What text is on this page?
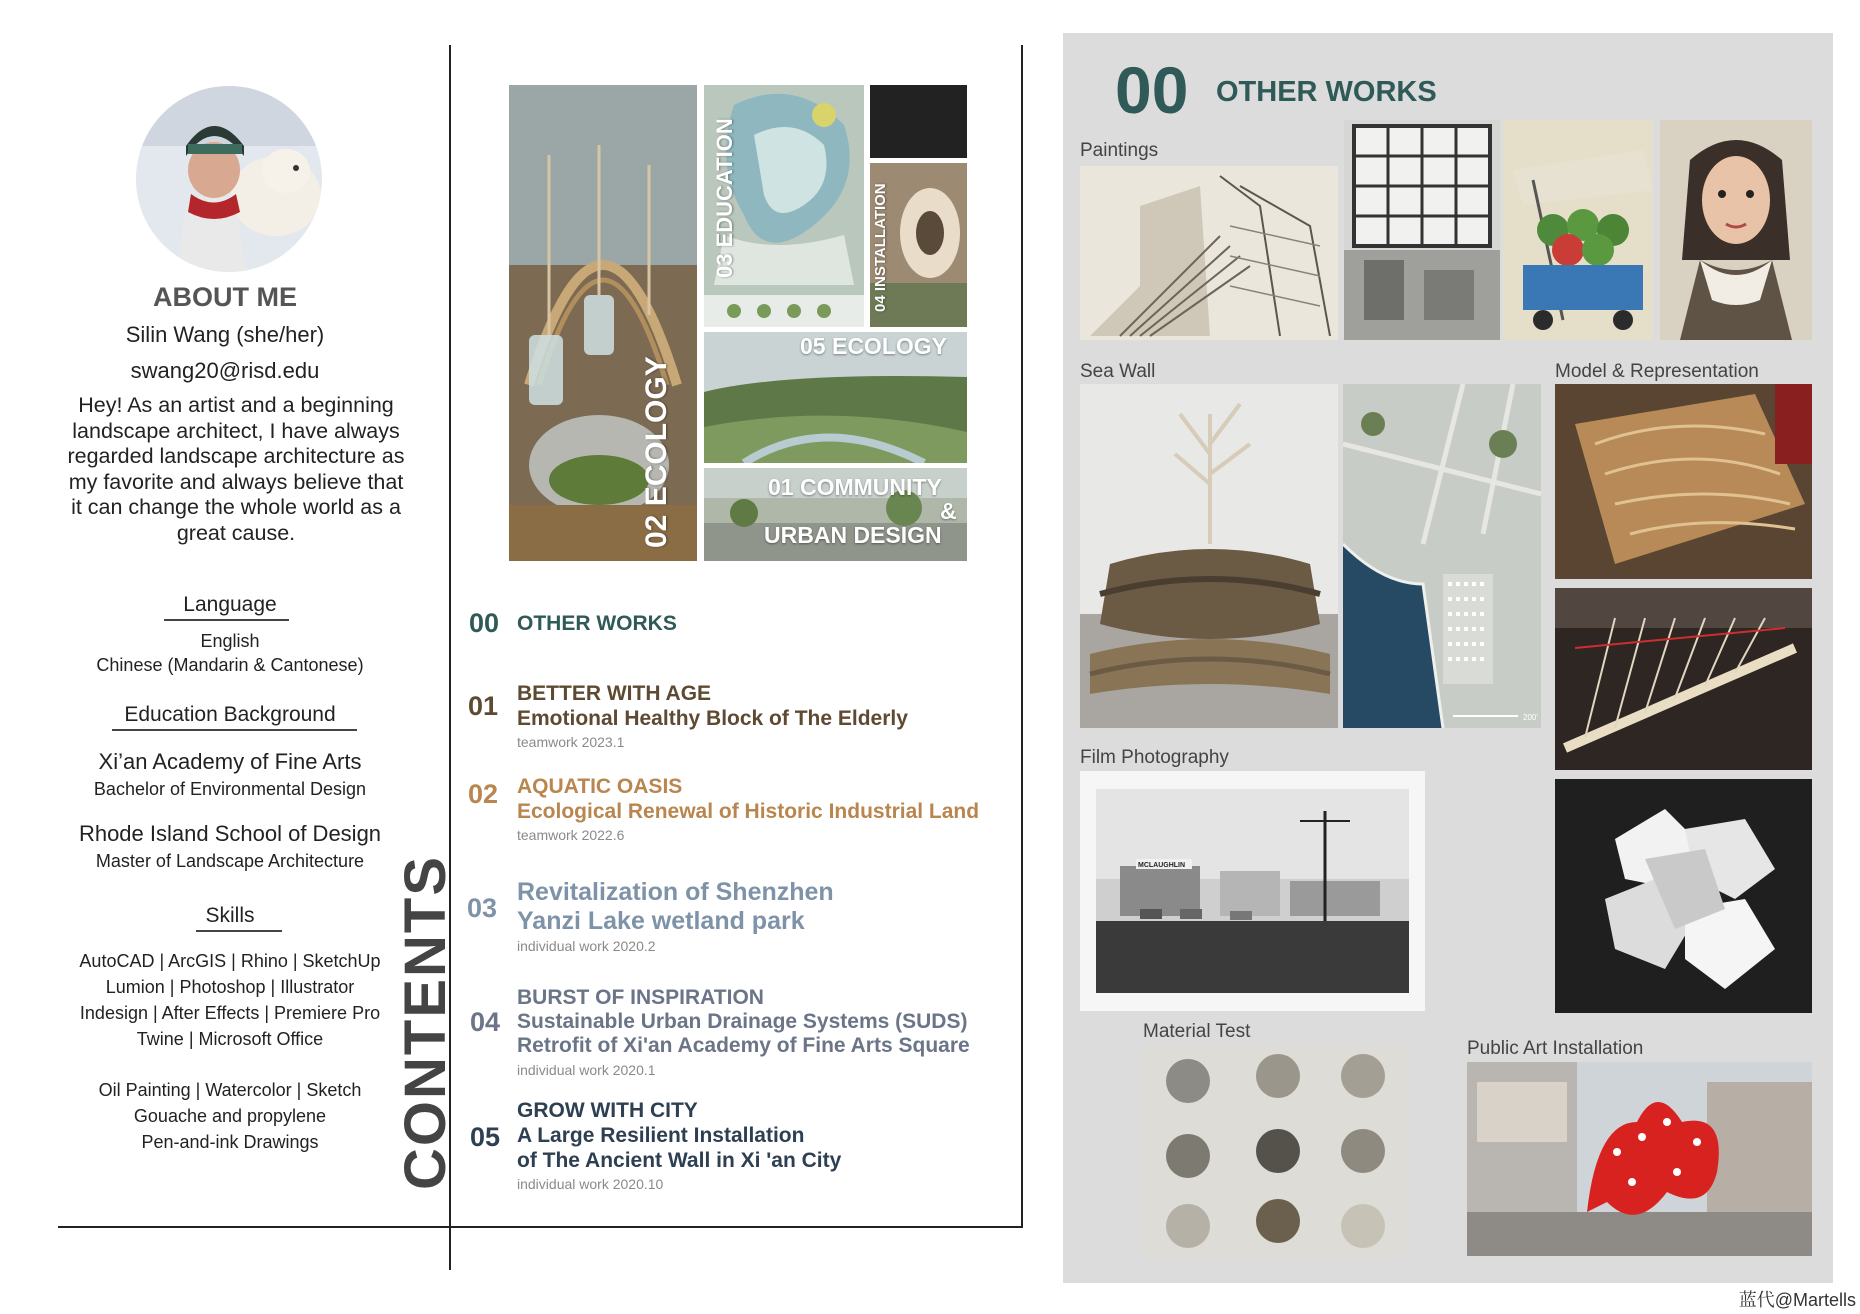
ABOUT ME
Silin Wang (she/her)
swang20@risd.edu
Hey! As an artist and a beginning landscape architect, I have always regarded landscape architecture as my favorite and always believe that it can change the whole world as a great cause.
Language
English
Chinese (Mandarin & Cantonese)
Education Background
Xi’an Academy of Fine Arts
Bachelor of Environmental Design
Rhode Island School of Design
Master of Landscape Architecture
Skills
AutoCAD | ArcGIS | Rhino | SketchUp
Lumion | Photoshop | Illustrator
Indesign | After Effects | Premiere Pro
Twine | Microsoft Office
Oil Painting | Watercolor | Sketch
Gouache and propylene
Pen-and-ink Drawings	CONTENTS
02 ECOLOGY
03 EDUCATION	04 INSTALLATION
05 ECOLOGY
01 COMMUNITY
&
URBAN DESIGN
00 OTHER WORKS
01 BETTER WITH AGE
Emotional Healthy Block of The Elderly
teamwork 2023.1
02 AQUATIC OASIS
Ecological Renewal of Historic Industrial Land
teamwork 2022.6
03
Revitalization of Shenzhen
Yanzi Lake wetland park
individual work 2020.2
04
BURST OF INSPIRATION
Sustainable Urban Drainage Systems (SUDS)
Retrofit of Xi'an Academy of Fine Arts Square
individual work 2020.1
05
GROW WITH CITY
A Large Resilient Installation
of The Ancient Wall in Xi 'an City
individual work 2020.10
00 OTHER WORKS
Paintings
Sea Wall
200'
Model & Representation
Film Photography
MCLAUGHLIN
Material Test
Public Art Installation
蓝代@Martells
